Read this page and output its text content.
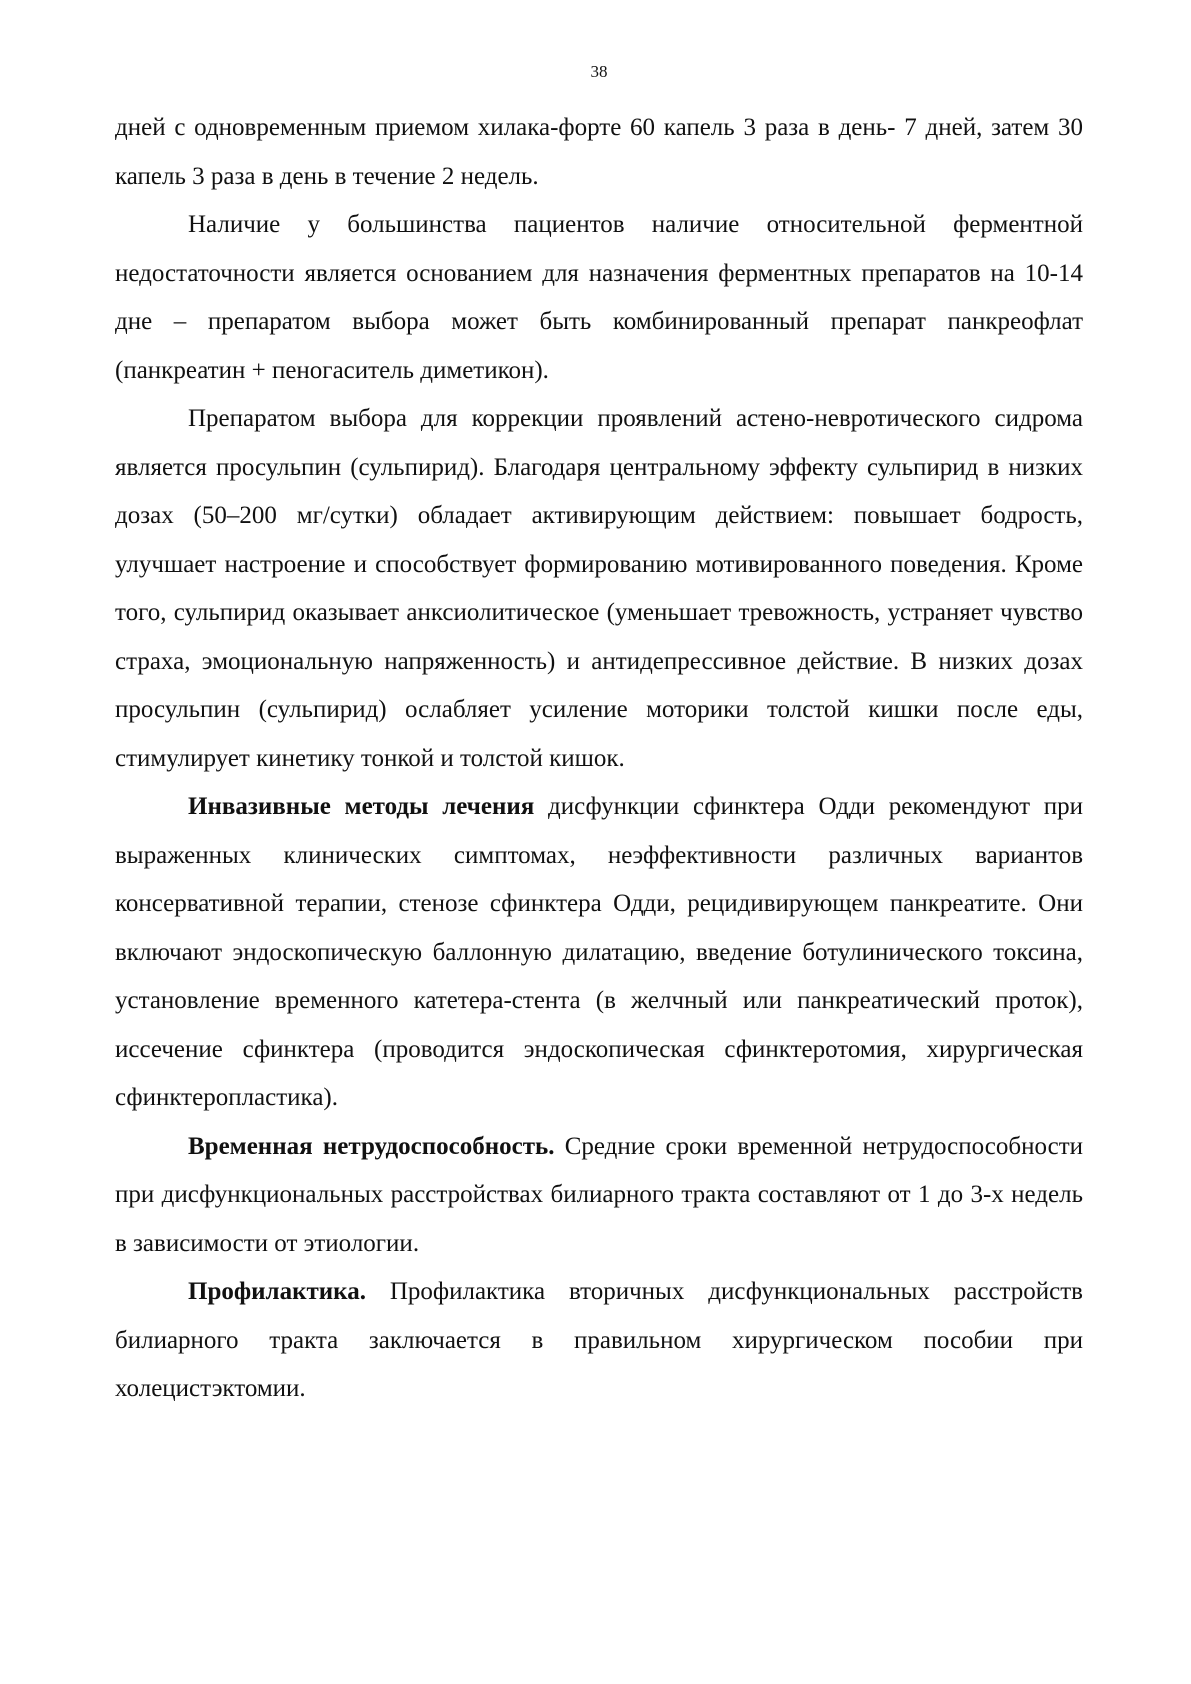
38

дней с одновременным приемом хилака-форте 60 капель 3 раза в день- 7 дней, затем 30 капель 3 раза в день в течение 2 недель.

Наличие у большинства пациентов наличие относительной ферментной недостаточности является основанием для назначения ферментных препаратов на 10-14 дне – препаратом выбора может быть комбинированный препарат панкреофлат (панкреатин + пеногаситель диметикон).

Препаратом выбора для коррекции проявлений астено-невротического сидрома является просульпин (сульпирид). Благодаря центральному эффекту сульпирид в низких дозах (50–200 мг/сутки) обладает активирующим действием: повышает бодрость, улучшает настроение и способствует формированию мотивированного поведения. Кроме того, сульпирид оказывает анксиолитическое (уменьшает тревожность, устраняет чувство страха, эмоциональную напряженность) и антидепрессивное действие. В низких дозах просульпин (сульпирид) ослабляет усиление моторики толстой кишки после еды, стимулирует кинетику тонкой и толстой кишок.

Инвазивные методы лечения дисфункции сфинктера Одди рекомендуют при выраженных клинических симптомах, неэффективности различных вариантов консервативной терапии, стенозе сфинктера Одди, рецидивирующем панкреатите. Они включают эндоскопическую баллонную дилатацию, введение ботулинического токсина, установление временного катетера-стента (в желчный или панкреатический проток), иссечение сфинктера (проводится эндоскопическая сфинктеротомия, хирургическая сфинктеропластика).

Временная нетрудоспособность. Средние сроки временной нетрудоспособности при дисфункциональных расстройствах билиарного тракта составляют от 1 до 3-х недель в зависимости от этиологии.

Профилактика. Профилактика вторичных дисфункциональных расстройств билиарного тракта заключается в правильном хирургическом пособии при холецистэктомии.
